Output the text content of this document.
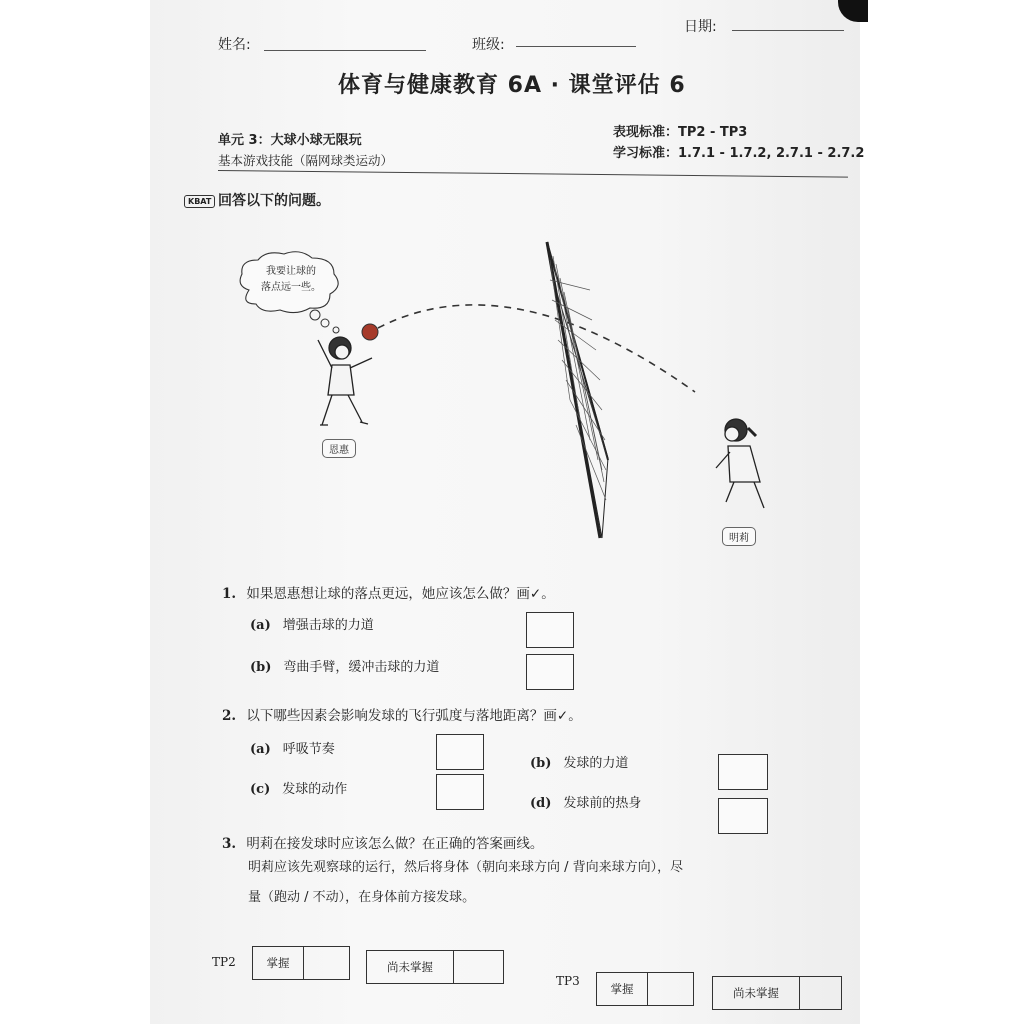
姓名:	班级:
日期:
体育与健康教育 6A · 课堂评估 6
单元 3：大球小球无限玩
基本游戏技能（隔网球类运动）
表现标准：TP2 - TP3
学习标准：1.7.1 - 1.7.2, 2.7.1 - 2.7.2
KBAT 回答以下的问题。
我要让球的
落点远一些。
恩惠
明莉
1. 如果恩惠想让球的落点更远，她应该怎么做？画✓。
(a) 增强击球的力道
(b) 弯曲手臂，缓冲击球的力道
2. 以下哪些因素会影响发球的飞行弧度与落地距离？画✓。
(a) 呼吸节奏
(b) 发球的力道
(c) 发球的动作
(d) 发球前的热身
3. 明莉在接发球时应该怎么做？在正确的答案画线。
明莉应该先观察球的运行，然后将身体（朝向来球方向 / 背向来球方向），尽
量（跑动 / 不动），在身体前方接发球。
TP2	掌握	尚未掌握
TP3
掌握	尚未掌握
